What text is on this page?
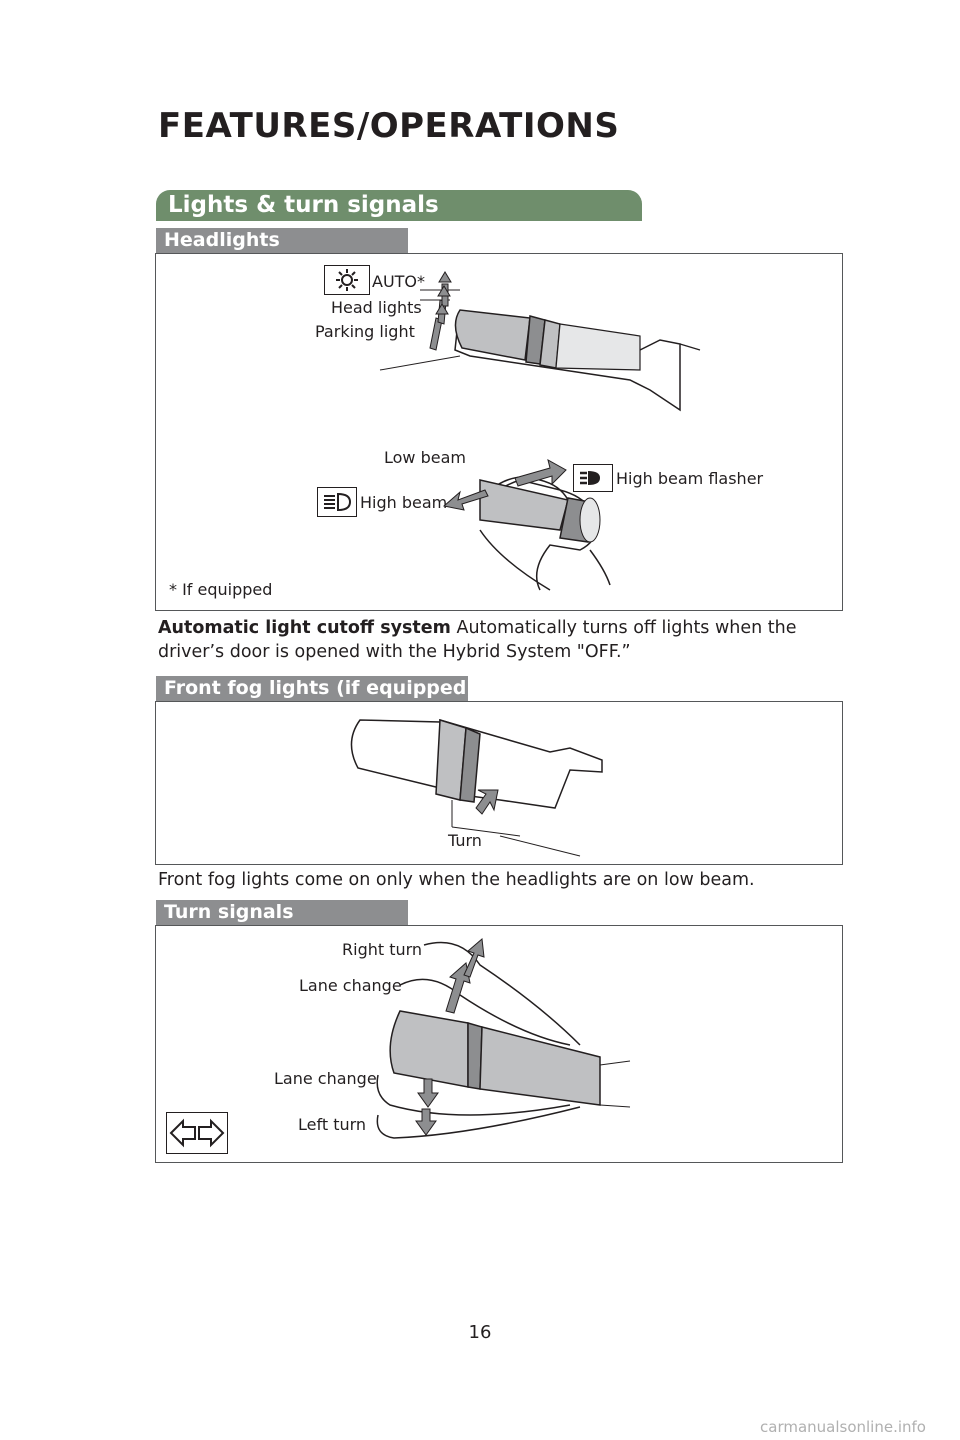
FEATURES/OPERATIONS
Lights & turn signals
Headlights
AUTO*
Head lights
Parking light
Low beam
High beam flasher
High beam
* If equipped
Automatic light cutoff system Automatically turns off lights when the driver’s door is opened with the Hybrid System "OFF.”
Front fog lights (if equipped)
Turn
Front fog lights come on only when the headlights are on low beam.
Turn signals
Right turn
Lane change
Lane change
Left turn
16
carmanualsonline.info
